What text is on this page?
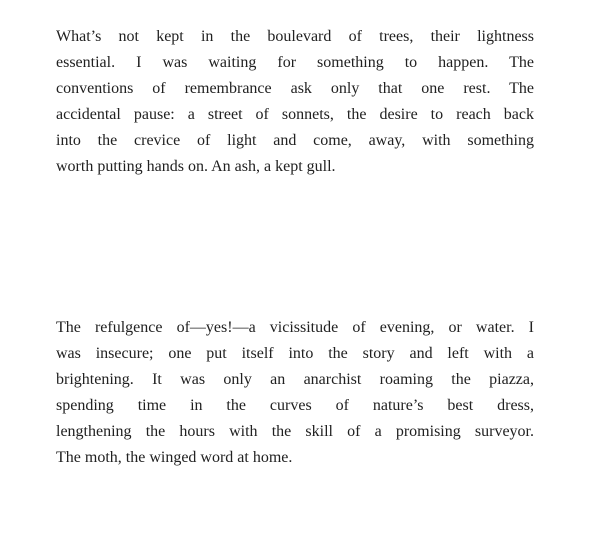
What’s not kept in the boulevard of trees, their lightness
essential. I was waiting for something to happen. The
conventions of remembrance ask only that one rest. The
accidental pause: a street of sonnets, the desire to reach back
into the crevice of light and come, away, with something
worth putting hands on. An ash, a kept gull.
The refulgence of—yes!—a vicissitude of evening, or water. I
was insecure; one put itself into the story and left with a
brightening. It was only an anarchist roaming the piazza,
spending time in the curves of nature’s best dress,
lengthening the hours with the skill of a promising surveyor.
The moth, the winged word at home.
